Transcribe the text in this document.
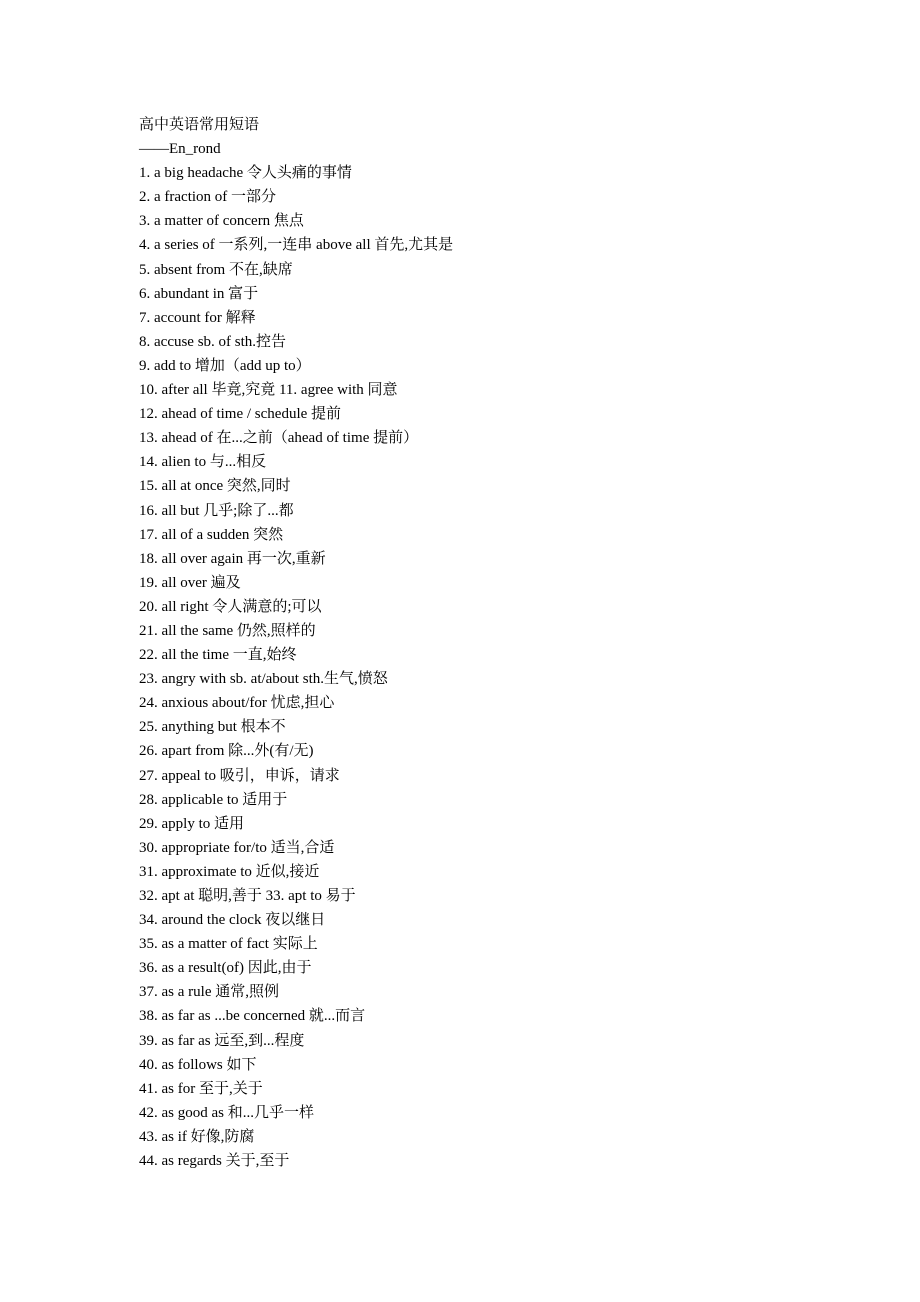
高中英语常用短语
——En_rond
1. a big headache 令人头痛的事情
2. a fraction of 一部分
3. a matter of concern 焦点
4. a series of 一系列,一连串 above all 首先,尤其是
5. absent from 不在,缺席
6. abundant in 富于
7. account for 解释
8. accuse sb. of sth.控告
9. add to 增加（add up to）
10. after all 毕竟,究竟 11. agree with 同意
12. ahead of time / schedule 提前
13. ahead of 在...之前（ahead of time 提前）
14. alien to 与...相反
15. all at once 突然,同时
16. all but 几乎;除了...都
17. all of a sudden 突然
18. all over again 再一次,重新
19. all over 遍及
20. all right 令人满意的;可以
21. all the same 仍然,照样的
22. all the time 一直,始终
23. angry with sb. at/about sth.生气,愤怒
24. anxious about/for 忧虑,担心
25. anything but 根本不
26. apart from 除...外(有/无)
27. appeal to 吸引，申诉，请求
28. applicable to 适用于
29. apply to 适用
30. appropriate for/to 适当,合适
31. approximate to 近似,接近
32. apt at 聪明,善于 33. apt to 易于
34. around the clock 夜以继日
35. as a matter of fact 实际上
36. as a result(of) 因此,由于
37. as a rule 通常,照例
38. as far as ...be concerned 就...而言
39. as far as 远至,到...程度
40. as follows 如下
41. as for 至于,关于
42. as good as 和...几乎一样
43. as if 好像,防腐
44. as regards 关于,至于
